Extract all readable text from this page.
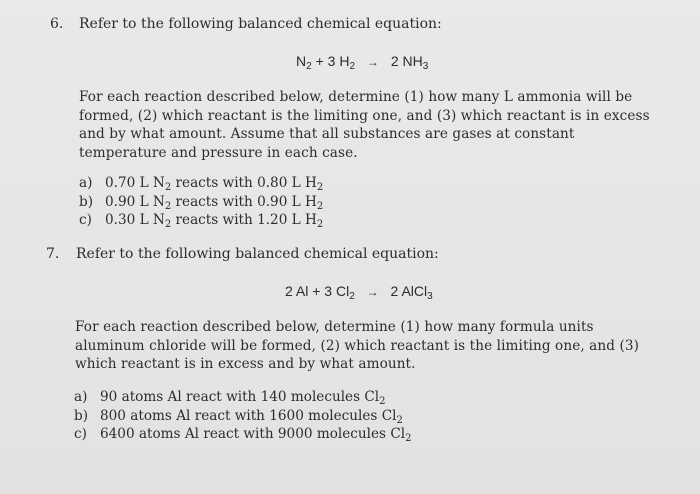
6. Refer to the following balanced chemical equation:
$N_2 + 3$ $H_2 \to 2$ $NH_3$
For each reaction described below, determine (1) how many L ammonia will be
formed, (2) which reactant is the limiting one, and (3) which reactant is in excess
and by what amount. Assume that all substances are gases at constant
temperature and pressure in each case.
a) 0.70 L $N_2$ reacts with 0.80 L $H_2$
b) 0.90 L $N_2$ reacts with 0.90 L $H_2$
c) 0.30 L $N_2$ reacts with 1.20 L $H_2$
7. Refer to the following balanced chemical equation:
2 Al + 3 $Cl_2 \to 2$ AlCl$_3$
For each reaction described below, determine (1) how many formula units
aluminum chloride will be formed, (2) which reactant is the limiting one, and (3)
which reactant is in excess and by what amount.
a) 90 atoms Al react with 140 molecules $Cl_2$
b) 800 atoms Al react with 1600 molecules $Cl_2$
c) 6400 atoms Al react with 9000 molecules $Cl_2$
